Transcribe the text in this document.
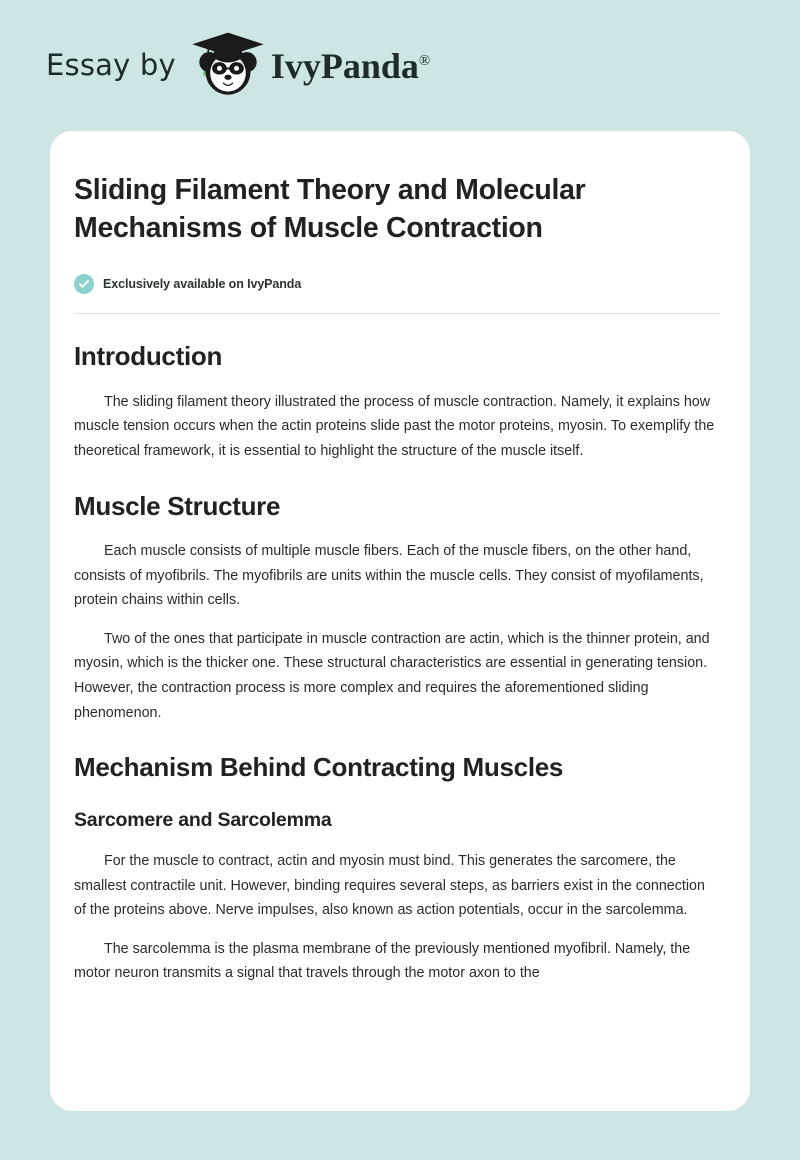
Essay by	IvyPanda®
Sliding Filament Theory and Molecular Mechanisms of Muscle Contraction
Exclusively available on IvyPanda
Introduction

The sliding filament theory illustrated the process of muscle contraction. Namely, it explains how muscle tension occurs when the actin proteins slide past the motor proteins, myosin. To exemplify the theoretical framework, it is essential to highlight the structure of the muscle itself.

Muscle Structure

Each muscle consists of multiple muscle fibers. Each of the muscle fibers, on the other hand, consists of myofibrils. The myofibrils are units within the muscle cells. They consist of myofilaments, protein chains within cells.

Two of the ones that participate in muscle contraction are actin, which is the thinner protein, and myosin, which is the thicker one. These structural characteristics are essential in generating tension. However, the contraction process is more complex and requires the aforementioned sliding phenomenon.

Mechanism Behind Contracting Muscles
Sarcomere and Sarcolemma

For the muscle to contract, actin and myosin must bind. This generates the sarcomere, the smallest contractile unit. However, binding requires several steps, as barriers exist in the connection of the proteins above. Nerve impulses, also known as action potentials, occur in the sarcolemma.

The sarcolemma is the plasma membrane of the previously mentioned myofibril. Namely, the motor neuron transmits a signal that travels through the motor axon to the
